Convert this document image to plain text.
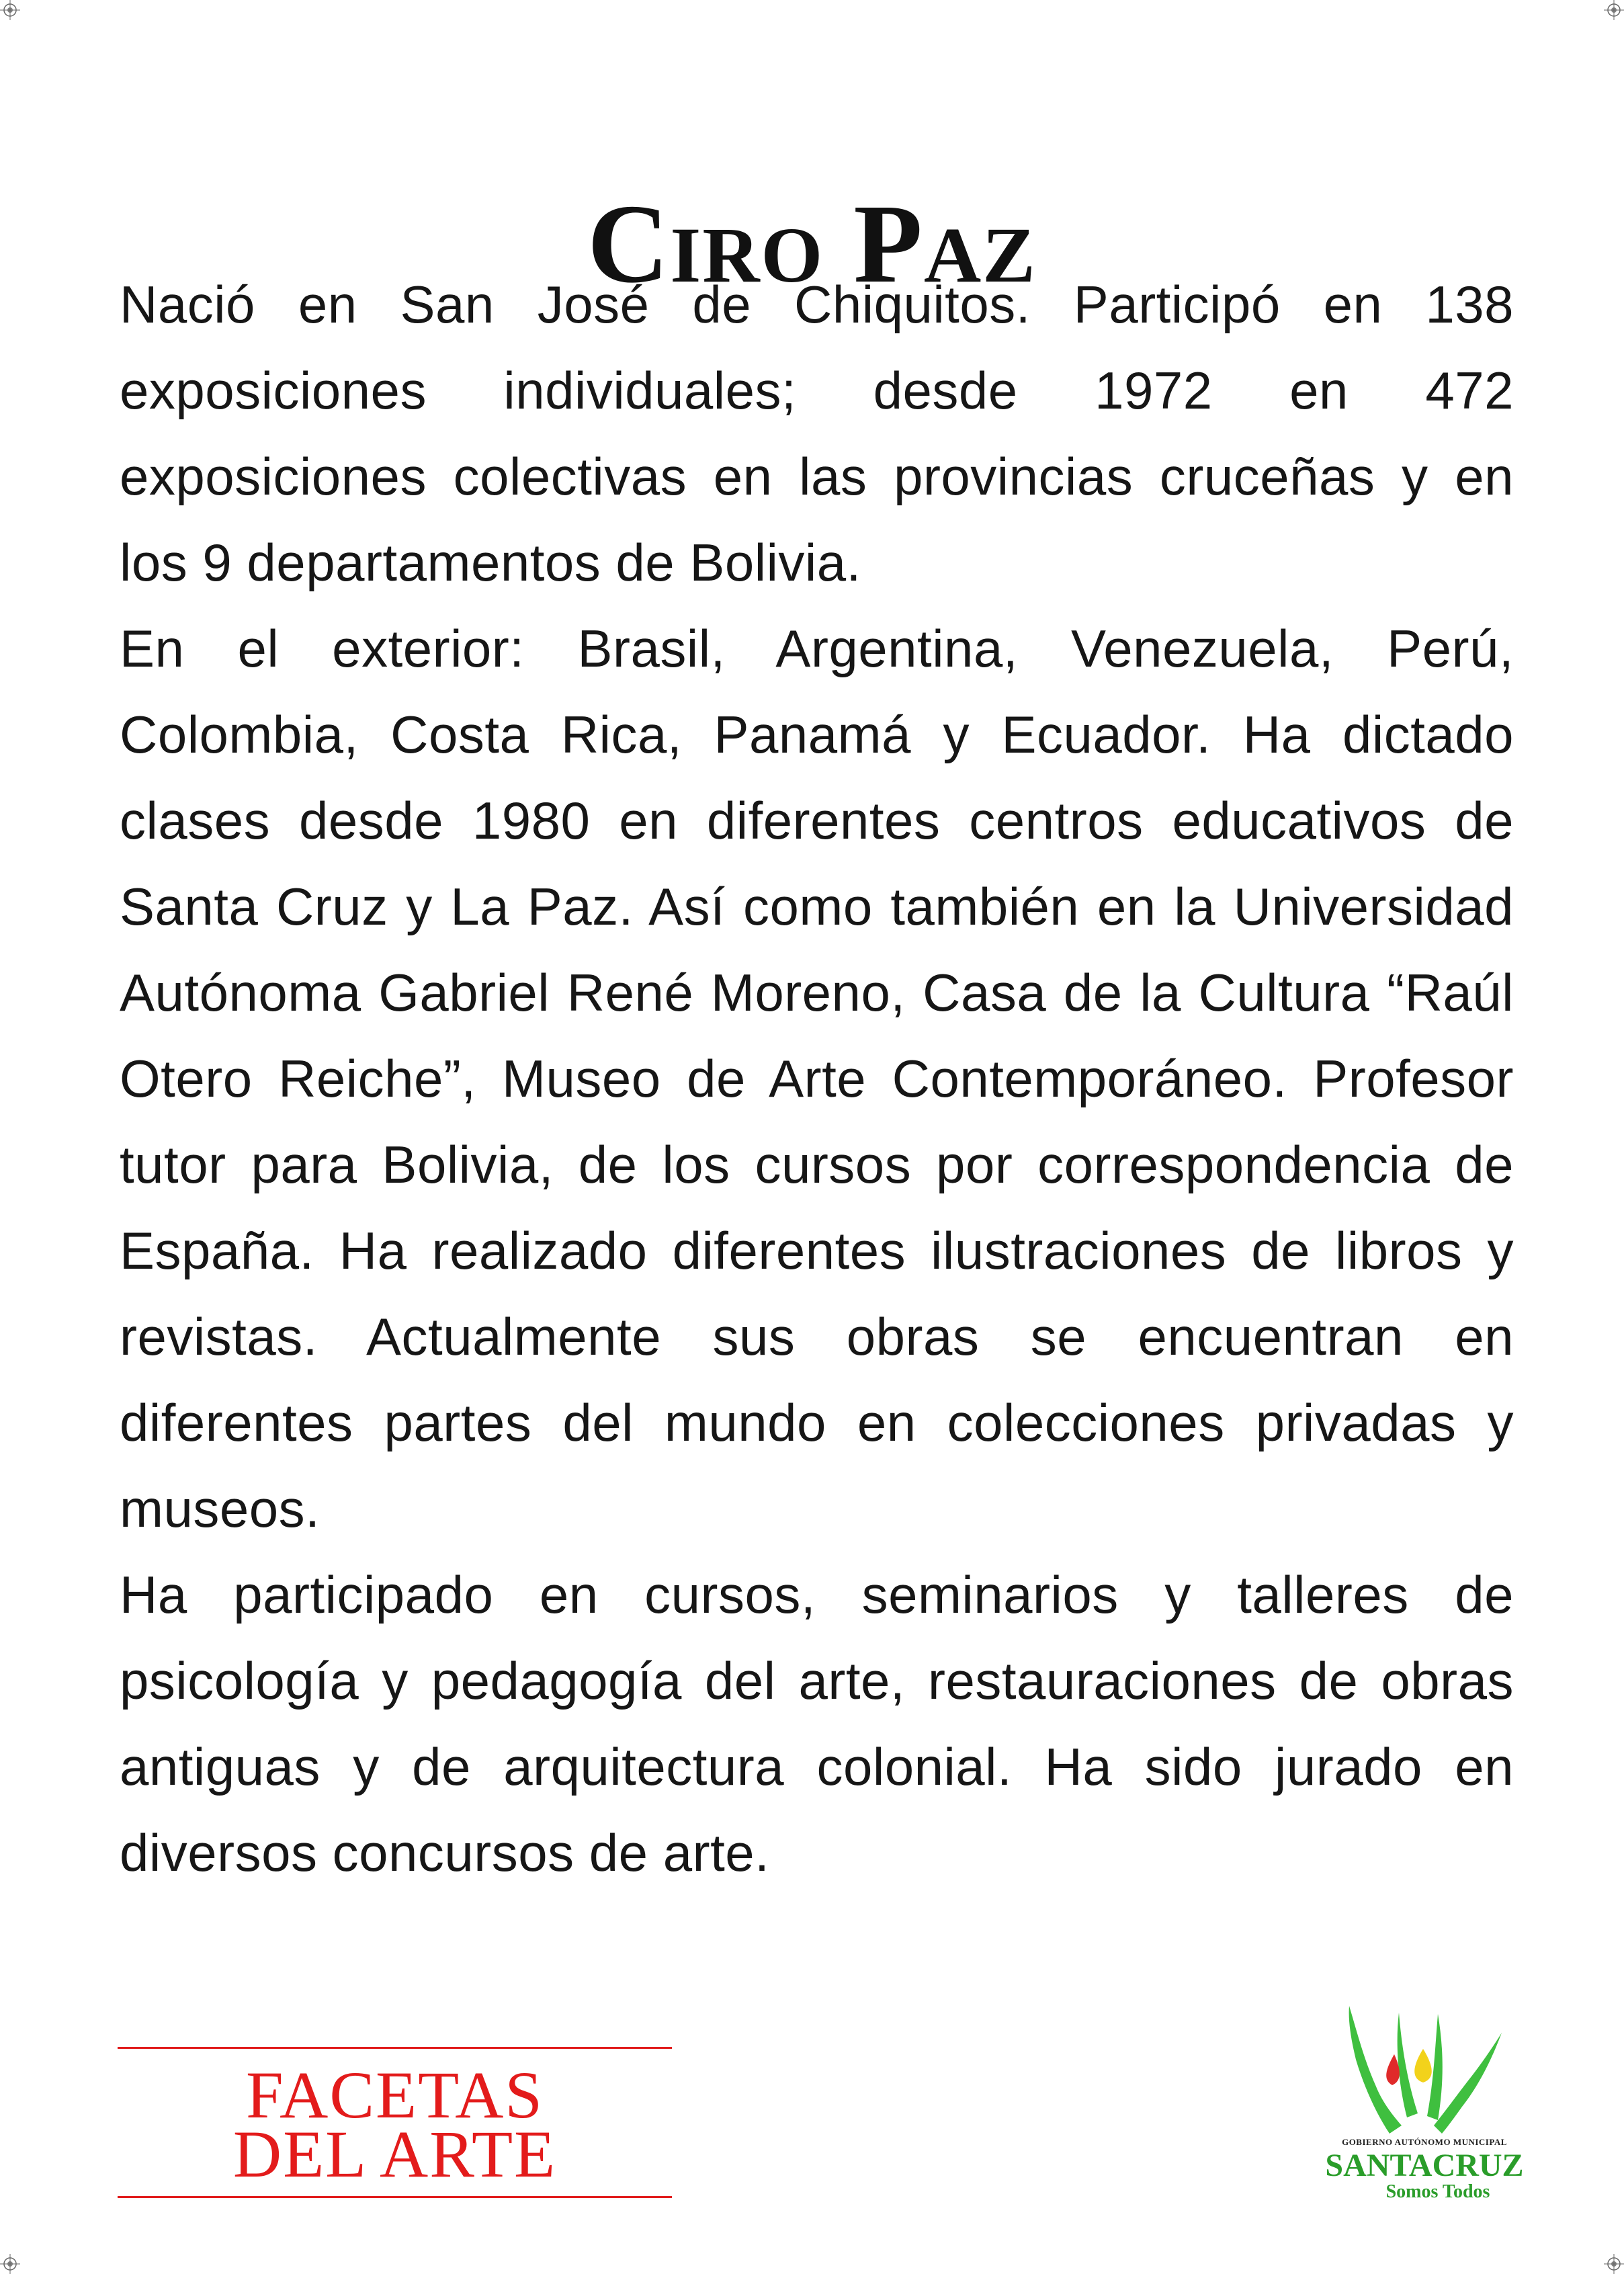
Ciro Paz

Nació en San José de Chiquitos. Participó en 138 exposiciones individuales; desde 1972 en 472 exposiciones colectivas en las provincias cruceñas y en los 9 departamentos de Bolivia.

En el exterior: Brasil, Argentina, Venezuela, Perú, Colombia, Costa Rica, Panamá y Ecuador. Ha dictado clases desde 1980 en diferentes centros educativos de Santa Cruz y La Paz. Así como también en la Universidad Autónoma Gabriel René Moreno, Casa de la Cultura “Raúl Otero Reiche”, Museo de Arte Contemporáneo. Profesor tutor para Bolivia, de los cursos por correspondencia de España. Ha realizado diferentes ilustraciones de libros y revistas. Actualmente sus obras se encuentran en diferentes partes del mundo en colecciones privadas y museos.

Ha participado en cursos, seminarios y talleres de psicología y pedagogía del arte, restauraciones de obras antiguas y de arquitectura colonial. Ha sido jurado en diversos concursos de arte.

FACETAS
DEL ARTE	GOBIERNO AUTÓNOMO MUNICIPAL
SANTACRUZ
Somos Todos
